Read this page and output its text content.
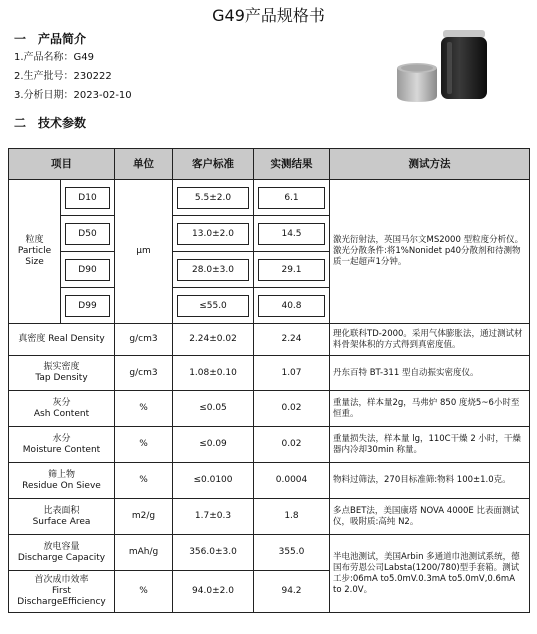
G49产品规格书
一 产品简介
1.产品名称：G49
2.生产批号：230222
3.分析日期：2023-02-10
二 技术参数
项目		单位	客户标准	实测结果	测试方法

粒度
Particle
Size	D10	μm	5.5±2.0	6.1	激光衍射法，英国马尔文MS2000 型粒度分析仪。激光分散条件:将1%Nonidet p40分散剂和待测物质一起超声1分钟。

	D50		13.0±2.0	14.5	

	D90		28.0±3.0	29.1	

	D99		≤55.0	40.8	

真密度 Real Density		g/cm3	2.24±0.02	2.24	理化联科TD-2000。采用气体膨胀法，通过测试材料骨架体积的方式得到真密度值。

振实密度
Tap Density		g/cm3	1.08±0.10	1.07	丹东百特 BT-311 型自动振实密度仪。

灰分
Ash Content		%	≤0.05	0.02	重量法，样本量2g，马弗炉 850 度烧5~6小时至恒重。

水分
Moisture Content		%	≤0.09	0.02	重量损失法，样本量 lg，110C干燥 2 小时，干燥器内冷却30min 称量。

筛上物
Residue On Sieve		%	≤0.0100	0.0004	物料过筛法，270目标准筛:物料 100±1.0克。

比表面积
Surface Area		m2/g	1.7±0.3	1.8	多点BET法，美国康塔 NOVA 4000E 比表面测试仪，吸附质:高纯 N2。

放电容量
Discharge Capacity		mAh/g	356.0±3.0	355.0	半电池测试，美国Arbin 多通道巾池测试系统，德国布劳恩公司Labsta(1200/780)型手套箱。测试工步:06mA to5.0mV.0.3mA to5.0mV,0.6mA to 2.0V。

首次成巾效率
First
DischargeEfficiency		%	94.0±2.0	94.2	
